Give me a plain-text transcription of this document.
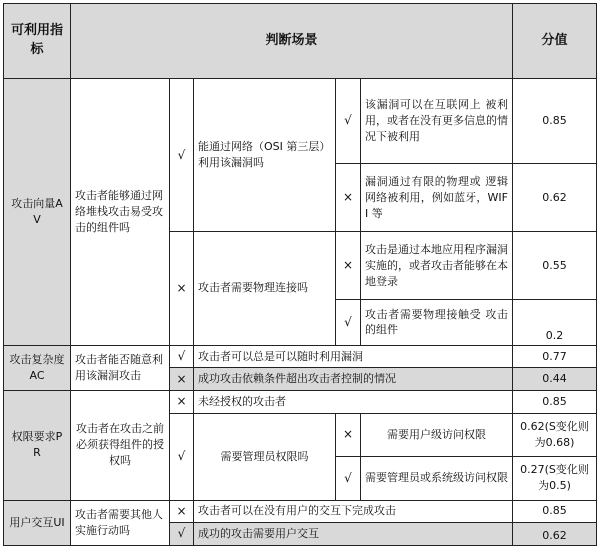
可利用指标	判断场景					分值
攻击向量AV	攻击者能够通过网络堆栈攻击易受攻击的组件吗	√	能通过网络（OSI 第三层）利用该漏洞吗	√	该漏洞可以在互联网上 被利用，或者在没有更多信息的情况下被利用	0.85
				×	漏洞通过有限的物理或 逻辑网络被利用，例如蓝牙，WIFI 等	0.62
		×	攻击者需要物理连接吗	×	攻击是通过本地应用程序漏洞实施的，或者攻击者能够在本地登录	0.55
				√	攻击者需要物理接触受 攻击的组件	0.2
攻击复杂度AC	攻击者能否随意利用该漏洞攻击	√	攻击者可以总是可以随时利用漏洞			0.77
		×	成功攻击依赖条件超出攻击者控制的情况			0.44
权限要求PR	攻击者在攻击之前必须获得组件的授权吗	×	未经授权的攻击者			0.85
		√	需要管理员权限吗	×	需要用户级访问权限	0.62(S变化则为0.68)
				√	需要管理员或系统级访问权限	0.27(S变化则为0.5)
用户交互UI	攻击者需要其他人实施行动吗	×	攻击者可以在没有用户的交互下完成攻击			0.85
		√	成功的攻击需要用户交互			0.62
